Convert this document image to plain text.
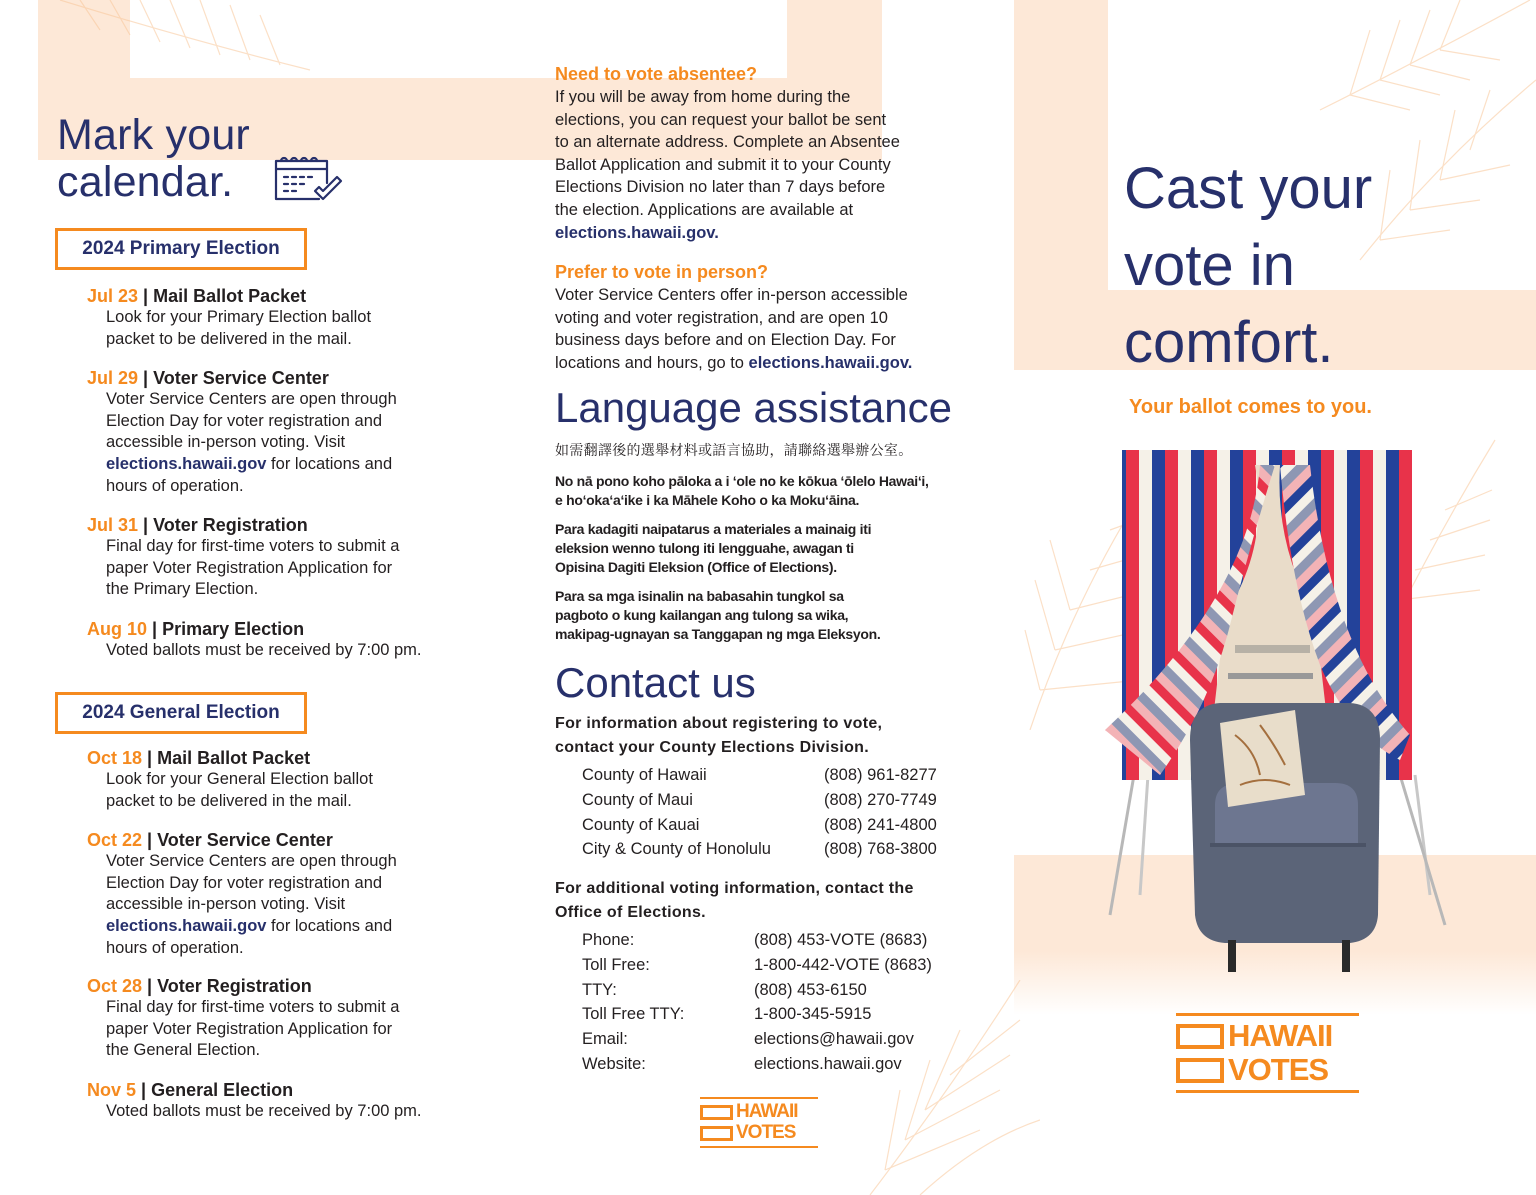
Mark your
calendar.
2024 Primary Election
Jul 23 | Mail Ballot Packet
Look for your Primary Election ballot
packet to be delivered in the mail.
Jul 29 | Voter Service Center
Voter Service Centers are open through
Election Day for voter registration and
accessible in-person voting. Visit
elections.hawaii.gov for locations and
hours of operation.
Jul 31 | Voter Registration
Final day for first-time voters to submit a
paper Voter Registration Application for
the Primary Election.
Aug 10 | Primary Election
Voted ballots must be received by 7:00 pm.
2024 General Election
Oct 18 | Mail Ballot Packet
Look for your General Election ballot
packet to be delivered in the mail.
Oct 22 | Voter Service Center
Voter Service Centers are open through
Election Day for voter registration and
accessible in-person voting. Visit
elections.hawaii.gov for locations and
hours of operation.
Oct 28 | Voter Registration
Final day for first-time voters to submit a
paper Voter Registration Application for
the General Election.
Nov 5 | General Election
Voted ballots must be received by 7:00 pm.
Need to vote absentee?
If you will be away from home during the
elections, you can request your ballot be sent
to an alternate address. Complete an Absentee
Ballot Application and submit it to your County
Elections Division no later than 7 days before
the election. Applications are available at
elections.hawaii.gov.
Prefer to vote in person?
Voter Service Centers offer in-person accessible
voting and voter registration, and are open 10
business days before and on Election Day. For
locations and hours, go to elections.hawaii.gov.
Language assistance
如需翻譯後的選舉材料或語言協助，請聯絡選舉辦公室。
No nā pono koho pāloka a i ʻole no ke kōkua ʻōlelo Hawaiʻi,
e hoʻokaʻaʻike i ka Māhele Koho o ka Mokuʻāina.
Para kadagiti naipatarus a materiales a mainaig iti
eleksion wenno tulong iti lengguahe, awagan ti
Opisina Dagiti Eleksion (Office of Elections).
Para sa mga isinalin na babasahin tungkol sa
pagboto o kung kailangan ang tulong sa wika,
makipag-ugnayan sa Tanggapan ng mga Eleksyon.
Contact us
For information about registering to vote,
contact your County Elections Division.
County of Hawaii	(808) 961-8277
County of Maui	(808) 270-7749
County of Kauai	(808) 241-4800
City & County of Honolulu	(808) 768-3800
For additional voting information, contact the
Office of Elections.
Phone:	(808) 453-VOTE (8683)
Toll Free:	1-800-442-VOTE (8683)
TTY:	(808) 453-6150
Toll Free TTY:	1-800-345-5915
Email:	elections@hawaii.gov
Website:	elections.hawaii.gov
HAWAII
VOTES
Cast your
vote in
comfort.
Your ballot comes to you.
HAWAII
VOTES
